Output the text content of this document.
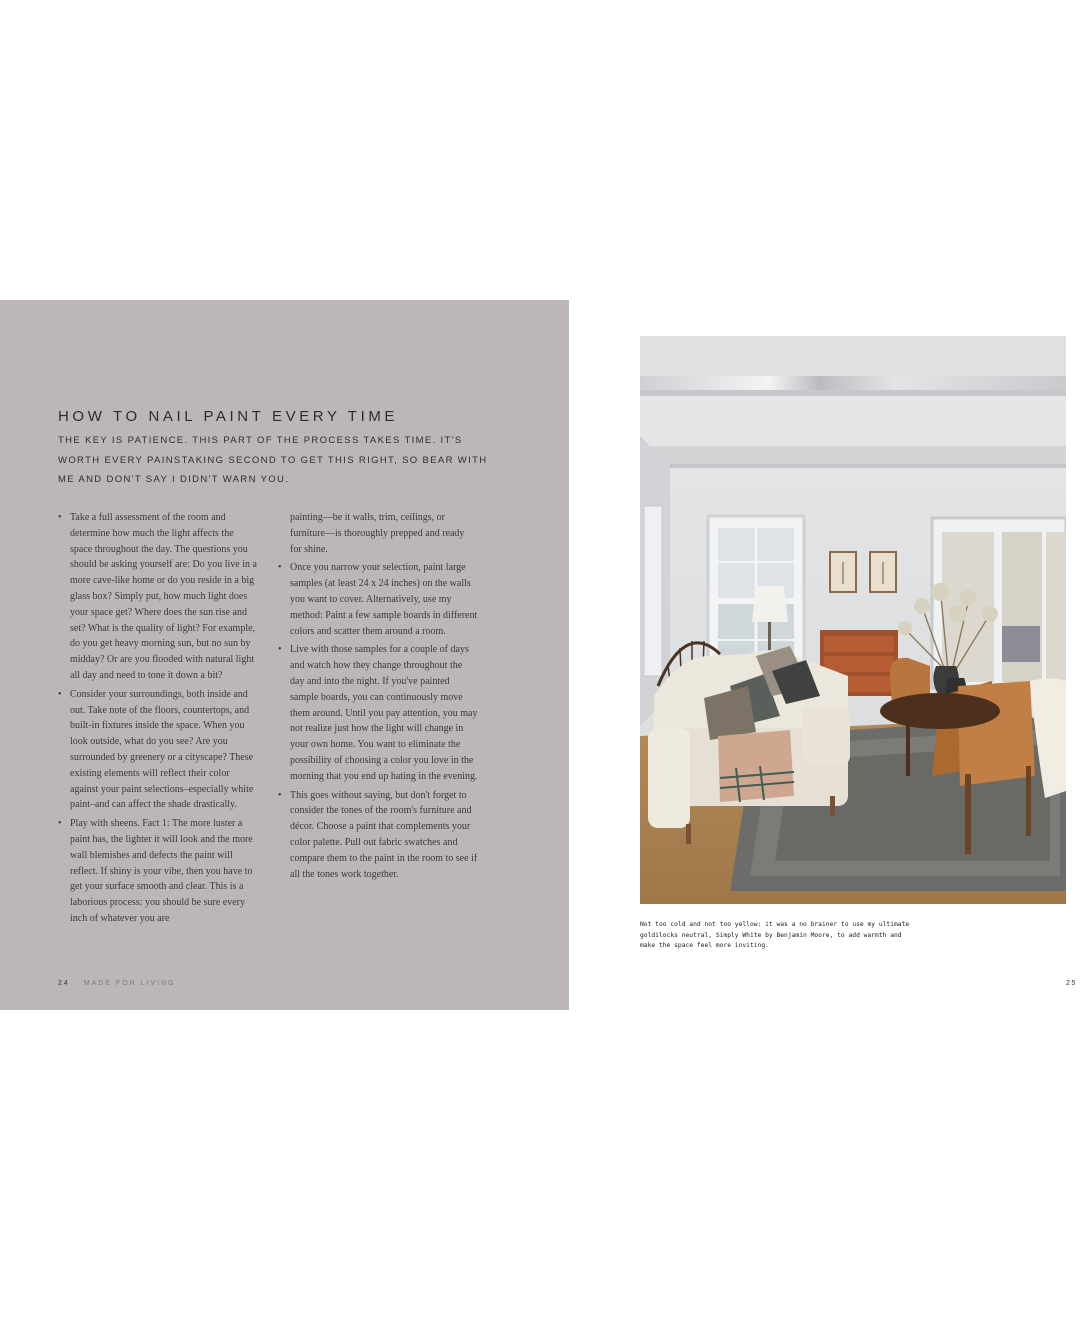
HOW TO NAIL PAINT EVERY TIME
THE KEY IS PATIENCE. THIS PART OF THE PROCESS TAKES TIME. IT'S WORTH EVERY PAINSTAKING SECOND TO GET THIS RIGHT, SO BEAR WITH ME AND DON'T SAY I DIDN'T WARN YOU.

• Take a full assessment of the room and determine how much the light affects the space throughout the day. The questions you should be asking yourself are: Do you live in a more cave-like home or do you reside in a big glass box? Simply put, how much light does your space get? Where does the sun rise and set? What is the quality of light? For example, do you get heavy morning sun, but no sun by midday? Or are you flooded with natural light all day and need to tone it down a bit?

• Consider your surroundings, both inside and out. Take note of the floors, countertops, and built-in fixtures inside the space. When you look outside, what do you see? Are you surrounded by greenery or a cityscape? These existing elements will reflect their color against your paint selections–especially white paint–and can affect the shade drastically.

• Play with sheens. Fact 1: The more luster a paint has, the lighter it will look and the more wall blemishes and defects the paint will reflect. If shiny is your vibe, then you have to get your surface smooth and clear. This is a laborious process: you should be sure every inch of whatever you are

painting—be it walls, trim, ceilings, or furniture—is thoroughly prepped and ready for shine.

• Once you narrow your selection, paint large samples (at least 24 x 24 inches) on the walls you want to cover. Alternatively, use my method: Paint a few sample boards in different colors and scatter them around a room.

• Live with those samples for a couple of days and watch how they change throughout the day and into the night. If you've painted sample boards, you can continuously move them around. Until you pay attention, you may not realize just how the light will change in your own home. You want to eliminate the possibility of choosing a color you love in the morning that you end up hating in the evening.

• This goes without saying, but don't forget to consider the tones of the room's furniture and décor. Choose a paint that complements your color palette. Pull out fabric swatches and compare them to the paint in the room to see if all the tones work together.

24 MADE FOR LIVING
Not too cold and not too yellow: it was a no brainer to use my ultimate goldilocks neutral, Simply White by Benjamin Moore, to add warmth and make the space feel more inviting.
25
